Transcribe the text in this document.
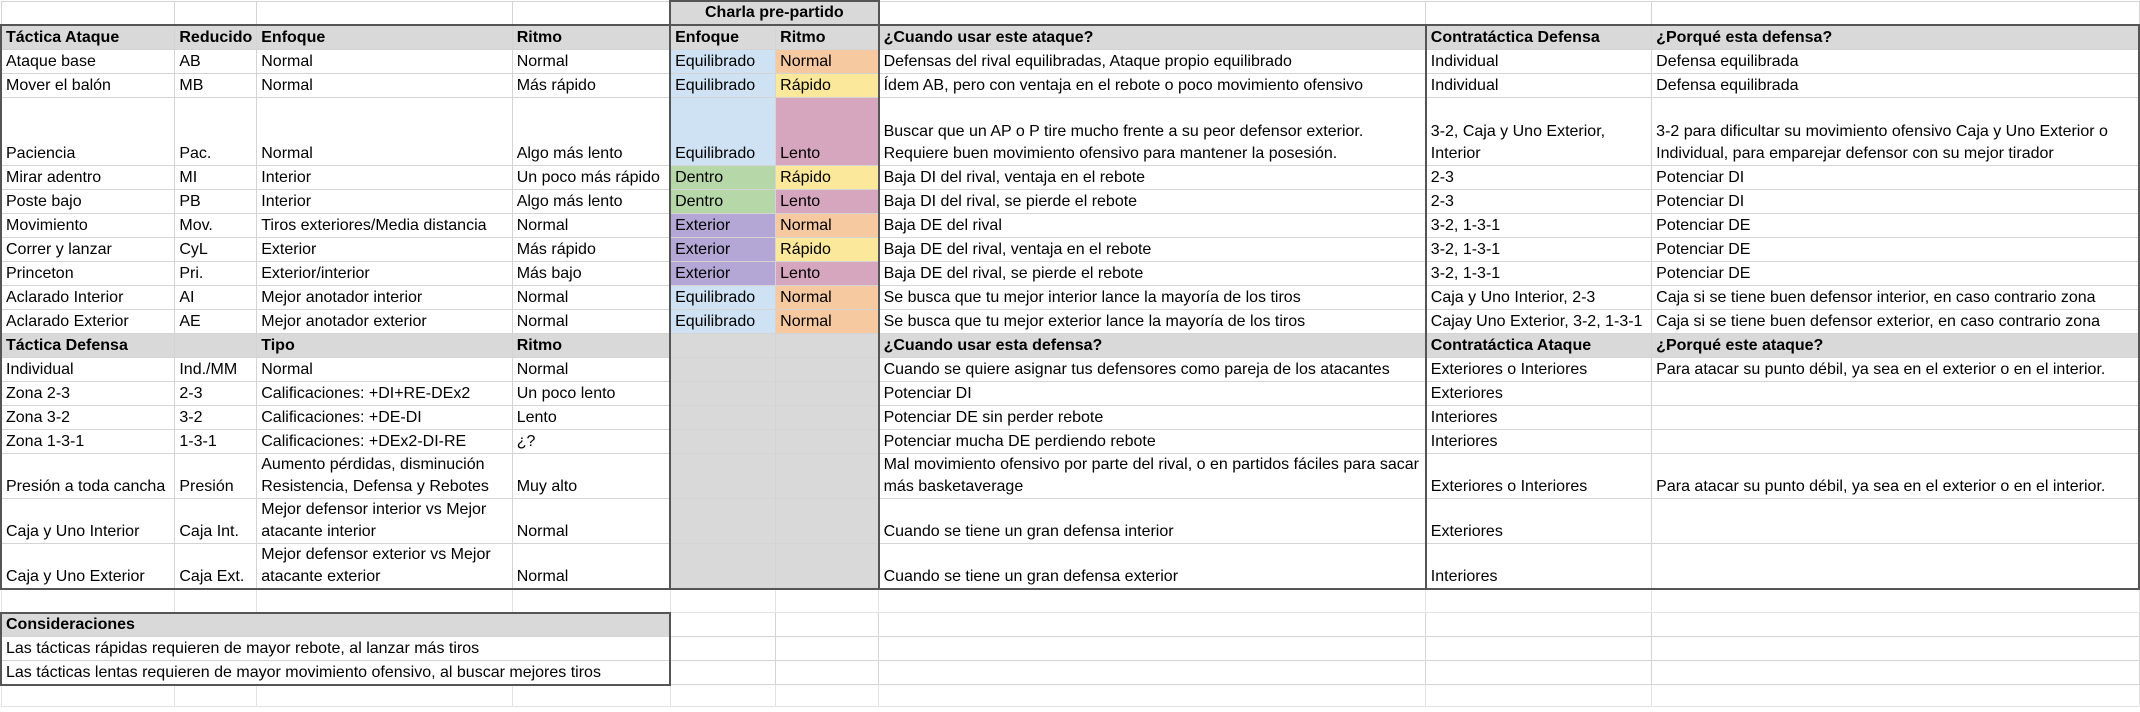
				Charla pre-partido				
Táctica Ataque	Reducido	Enfoque	Ritmo	Enfoque	Ritmo	¿Cuando usar este ataque?	Contratáctica Defensa	¿Porqué esta defensa?
Ataque base	AB	Normal	Normal	Equilibrado	Normal	Defensas del rival equilibradas, Ataque propio equilibrado	Individual	Defensa equilibrada
Mover el balón	MB	Normal	Más rápido	Equilibrado	Rápido	Ídem AB, pero con ventaja en el rebote o poco movimiento ofensivo	Individual	Defensa equilibrada
Paciencia	Pac.	Normal	Algo más lento	Equilibrado	Lento	Buscar que un AP o P tire mucho frente a su peor defensor exterior. Requiere buen movimiento ofensivo para mantener la posesión.	3-2, Caja y Uno Exterior, Interior	3-2 para dificultar su movimiento ofensivo Caja y Uno Exterior o Individual, para emparejar defensor con su mejor tirador
Mirar adentro	MI	Interior	Un poco más rápido	Dentro	Rápido	Baja DI del rival, ventaja en el rebote	2-3	Potenciar DI
Poste bajo	PB	Interior	Algo más lento	Dentro	Lento	Baja DI del rival, se pierde el rebote	2-3	Potenciar DI
Movimiento	Mov.	Tiros exteriores/Media distancia	Normal	Exterior	Normal	Baja DE del rival	3-2, 1-3-1	Potenciar DE
Correr y lanzar	CyL	Exterior	Más rápido	Exterior	Rápido	Baja DE del rival, ventaja en el rebote	3-2, 1-3-1	Potenciar DE
Princeton	Pri.	Exterior/interior	Más bajo	Exterior	Lento	Baja DE del rival, se pierde el rebote	3-2, 1-3-1	Potenciar DE
Aclarado Interior	AI	Mejor anotador interior	Normal	Equilibrado	Normal	Se busca que tu mejor interior lance la mayoría de los tiros	Caja y Uno Interior, 2-3	Caja si se tiene buen defensor interior, en caso contrario zona
Aclarado Exterior	AE	Mejor anotador exterior	Normal	Equilibrado	Normal	Se busca que tu mejor exterior lance la mayoría de los tiros	Cajay Uno Exterior, 3-2, 1-3-1	Caja si se tiene buen defensor exterior, en caso contrario zona
Táctica Defensa		Tipo	Ritmo			¿Cuando usar esta defensa?	Contratáctica Ataque	¿Porqué este ataque?
Individual	Ind./MM	Normal	Normal			Cuando se quiere asignar tus defensores como pareja de los atacantes	Exteriores o Interiores	Para atacar su punto débil, ya sea en el exterior o en el interior.
Zona 2-3	2-3	Calificaciones: +DI+RE-DEx2	Un poco lento			Potenciar DI	Exteriores	
Zona 3-2	3-2	Calificaciones: +DE-DI	Lento			Potenciar DE sin perder rebote	Interiores	
Zona 1-3-1	1-3-1	Calificaciones: +DEx2-DI-RE	¿?			Potenciar mucha DE perdiendo rebote	Interiores	
Presión a toda cancha	Presión	Aumento pérdidas, disminución Resistencia, Defensa y Rebotes	Muy alto			Mal movimiento ofensivo por parte del rival, o en partidos fáciles para sacar más basketaverage	Exteriores o Interiores	Para atacar su punto débil, ya sea en el exterior o en el interior.
Caja y Uno Interior	Caja Int.	Mejor defensor interior vs Mejor atacante interior	Normal			Cuando se tiene un gran defensa interior	Exteriores	
Caja y Uno Exterior	Caja Ext.	Mejor defensor exterior vs Mejor atacante exterior	Normal			Cuando se tiene un gran defensa exterior	Interiores	

Consideraciones								
Las tácticas rápidas requieren de mayor rebote, al lanzar más tiros								
Las tácticas lentas requieren de mayor movimiento ofensivo, al buscar mejores tiros								
